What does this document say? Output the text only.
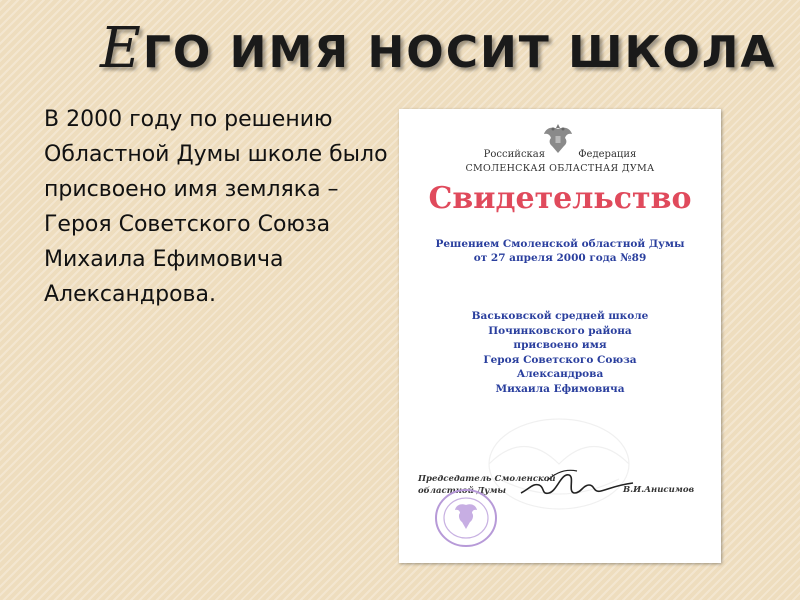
ЕГО ИМЯ НОСИТ ШКОЛА
В 2000 году по решению Областной Думы школе было присвоено имя земляка – Героя Советского Союза Михаила Ефимовича Александрова.
Российская Федерация
СМОЛЕНСКАЯ ОБЛАСТНАЯ ДУМА
Свидетельство
Решением Смоленской областной Думы
от 27 апреля 2000 года №89
Васьковской средней школе
Починковского района
присвоено имя
Героя Советского Союза
Александрова
Михаила Ефимовича
Председатель Смоленской
областной Думы	В.И.Анисимов
